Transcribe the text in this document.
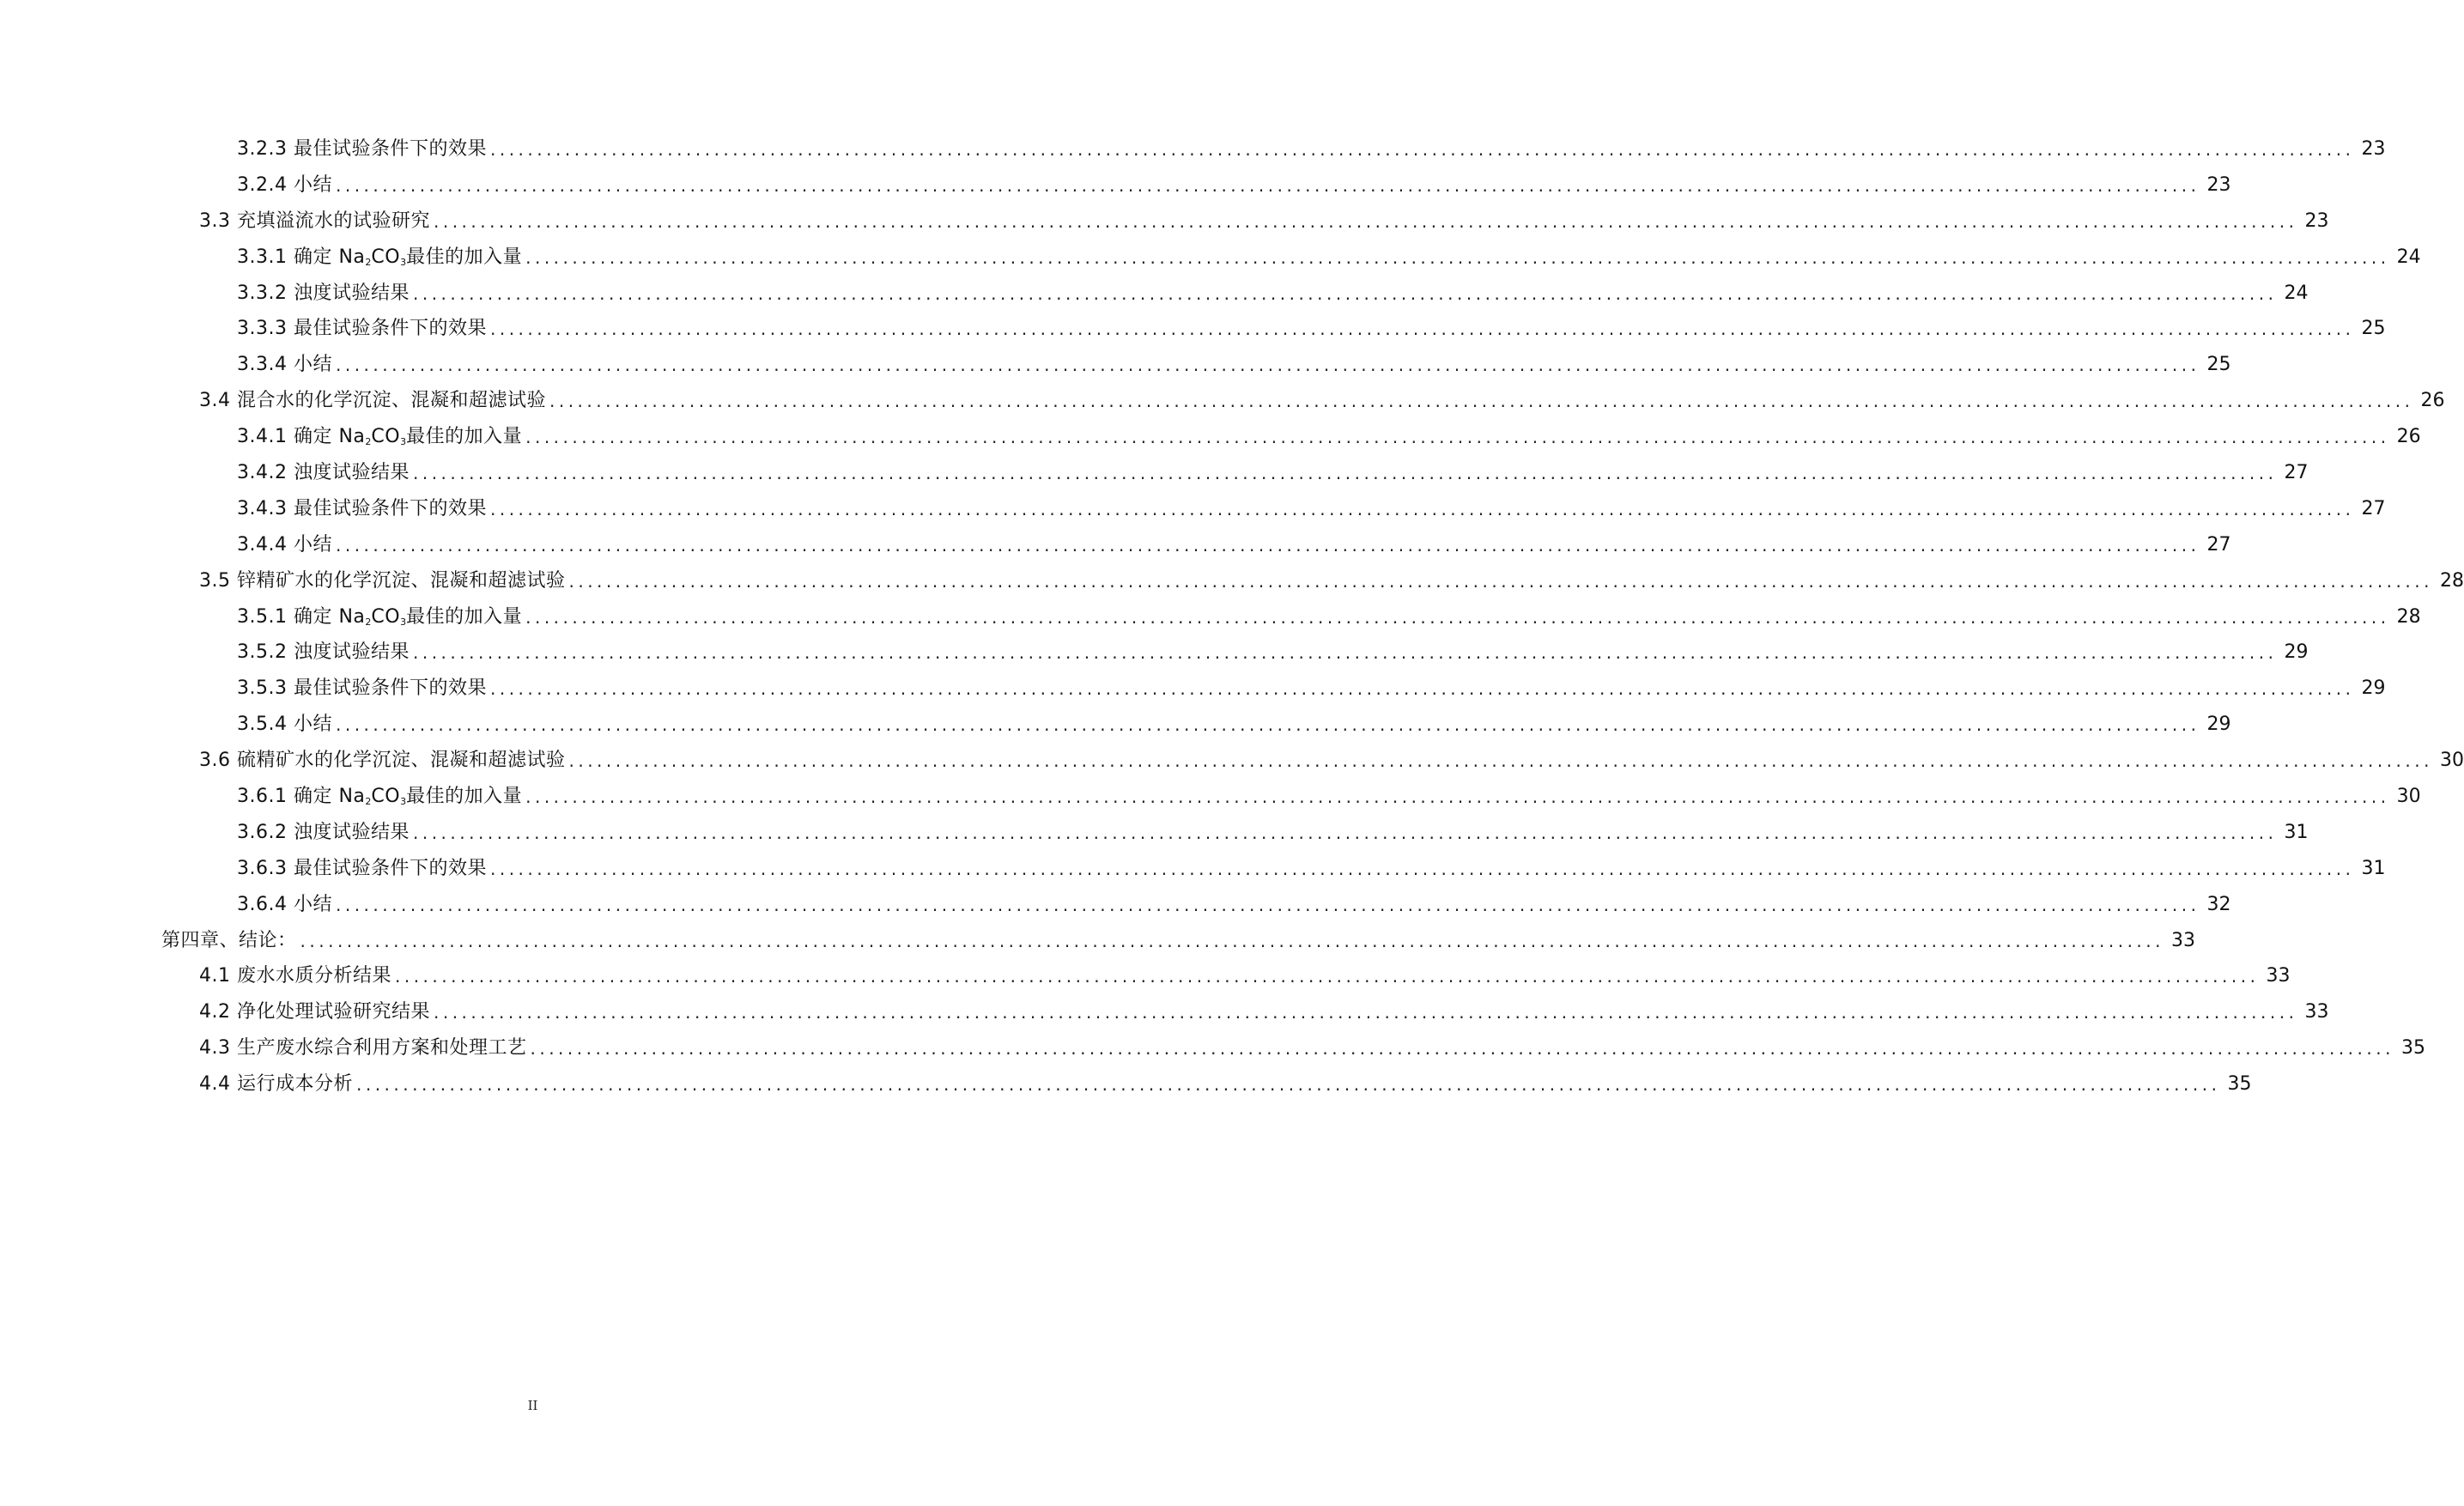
3.2.3 最佳试验条件下的效果 ........................................................................................................................................................................................................ 23
3.2.4 小结 ........................................................................................................................................................................................................ 23
3.3 充填溢流水的试验研究 ........................................................................................................................................................................................................ 23
3.3.1 确定 $Na_2CO_3$最佳的加入量 ........................................................................................................................................................................................................ 24
3.3.2 浊度试验结果 ........................................................................................................................................................................................................ 24
3.3.3 最佳试验条件下的效果 ........................................................................................................................................................................................................ 25
3.3.4 小结 ........................................................................................................................................................................................................ 25
3.4 混合水的化学沉淀、混凝和超滤试验 ........................................................................................................................................................................................................ 26
3.4.1 确定 $Na_2CO_3$最佳的加入量 ........................................................................................................................................................................................................ 26
3.4.2 浊度试验结果 ........................................................................................................................................................................................................ 27
3.4.3 最佳试验条件下的效果 ........................................................................................................................................................................................................ 27
3.4.4 小结 ........................................................................................................................................................................................................ 27
3.5 锌精矿水的化学沉淀、混凝和超滤试验 ........................................................................................................................................................................................................ 28
3.5.1 确定 $Na_2CO_3$最佳的加入量 ........................................................................................................................................................................................................ 28
3.5.2 浊度试验结果 ........................................................................................................................................................................................................ 29
3.5.3 最佳试验条件下的效果 ........................................................................................................................................................................................................ 29
3.5.4 小结 ........................................................................................................................................................................................................ 29
3.6 硫精矿水的化学沉淀、混凝和超滤试验 ........................................................................................................................................................................................................ 30
3.6.1 确定 $Na_2CO_3$最佳的加入量 ........................................................................................................................................................................................................ 30
3.6.2 浊度试验结果 ........................................................................................................................................................................................................ 31
3.6.3 最佳试验条件下的效果 ........................................................................................................................................................................................................ 31
3.6.4 小结 ........................................................................................................................................................................................................ 32
第四章、结论： ........................................................................................................................................................................................................ 33
4.1 废水水质分析结果 ........................................................................................................................................................................................................ 33
4.2 净化处理试验研究结果 ........................................................................................................................................................................................................ 33
4.3 生产废水综合利用方案和处理工艺 ........................................................................................................................................................................................................ 35
4.4 运行成本分析 ........................................................................................................................................................................................................ 35
II
